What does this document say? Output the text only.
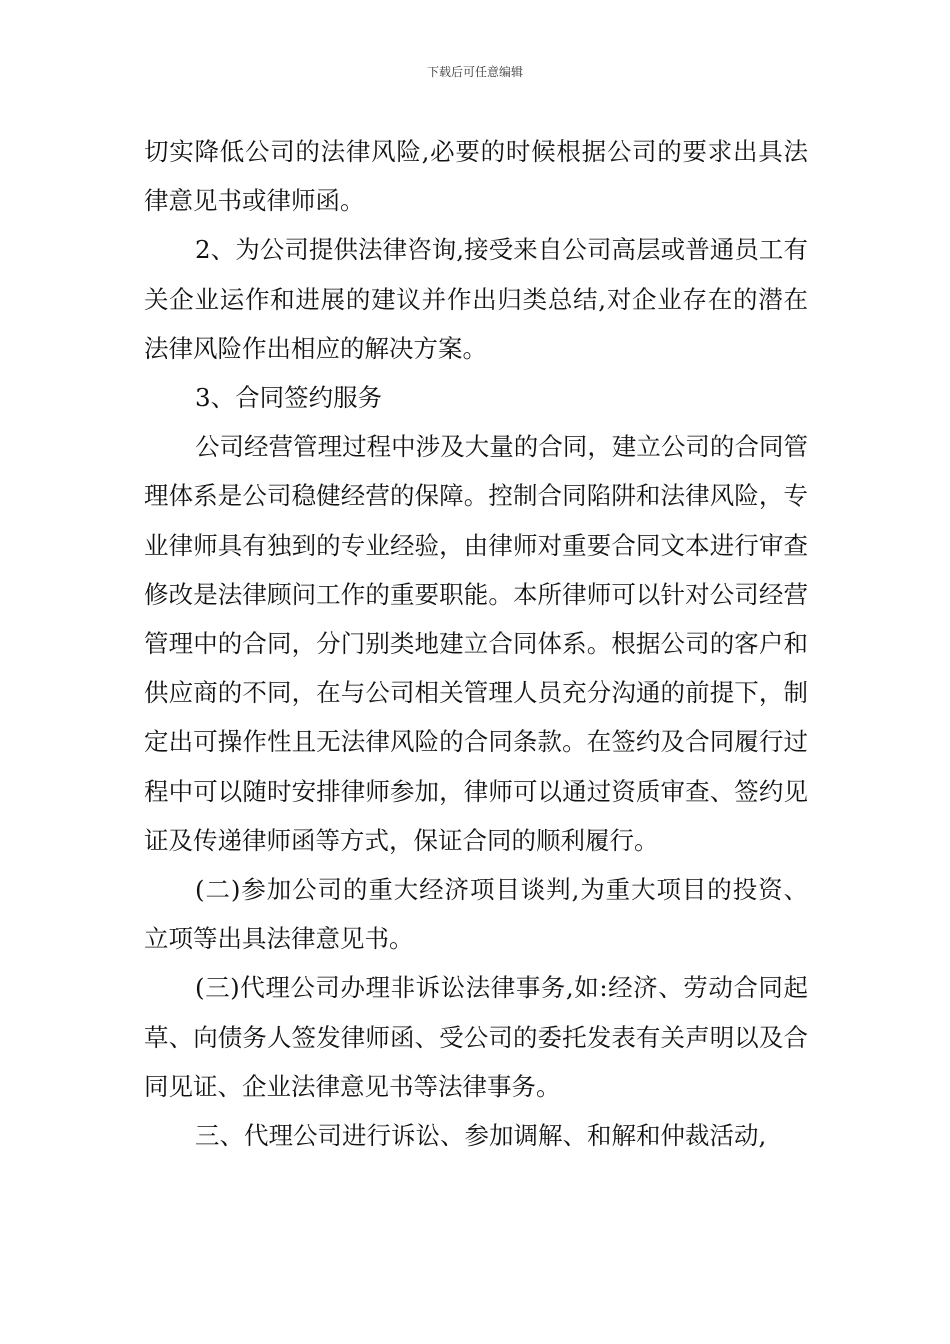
下载后可任意编辑

切实降低公司的法律风险,必要的时候根据公司的要求出具法律意见书或律师函。

2、为公司提供法律咨询,接受来自公司高层或普通员工有关企业运作和进展的建议并作出归类总结,对企业存在的潜在法律风险作出相应的解决方案。

3、合同签约服务

公司经营管理过程中涉及大量的合同，建立公司的合同管理体系是公司稳健经营的保障。控制合同陷阱和法律风险，专业律师具有独到的专业经验，由律师对重要合同文本进行审查修改是法律顾问工作的重要职能。本所律师可以针对公司经营管理中的合同，分门别类地建立合同体系。根据公司的客户和供应商的不同，在与公司相关管理人员充分沟通的前提下，制定出可操作性且无法律风险的合同条款。在签约及合同履行过程中可以随时安排律师参加，律师可以通过资质审查、签约见证及传递律师函等方式，保证合同的顺利履行。

(二)参加公司的重大经济项目谈判,为重大项目的投资、立项等出具法律意见书。

(三)代理公司办理非诉讼法律事务,如:经济、劳动合同起草、向债务人签发律师函、受公司的委托发表有关声明以及合同见证、企业法律意见书等法律事务。

三、代理公司进行诉讼、参加调解、和解和仲裁活动,
